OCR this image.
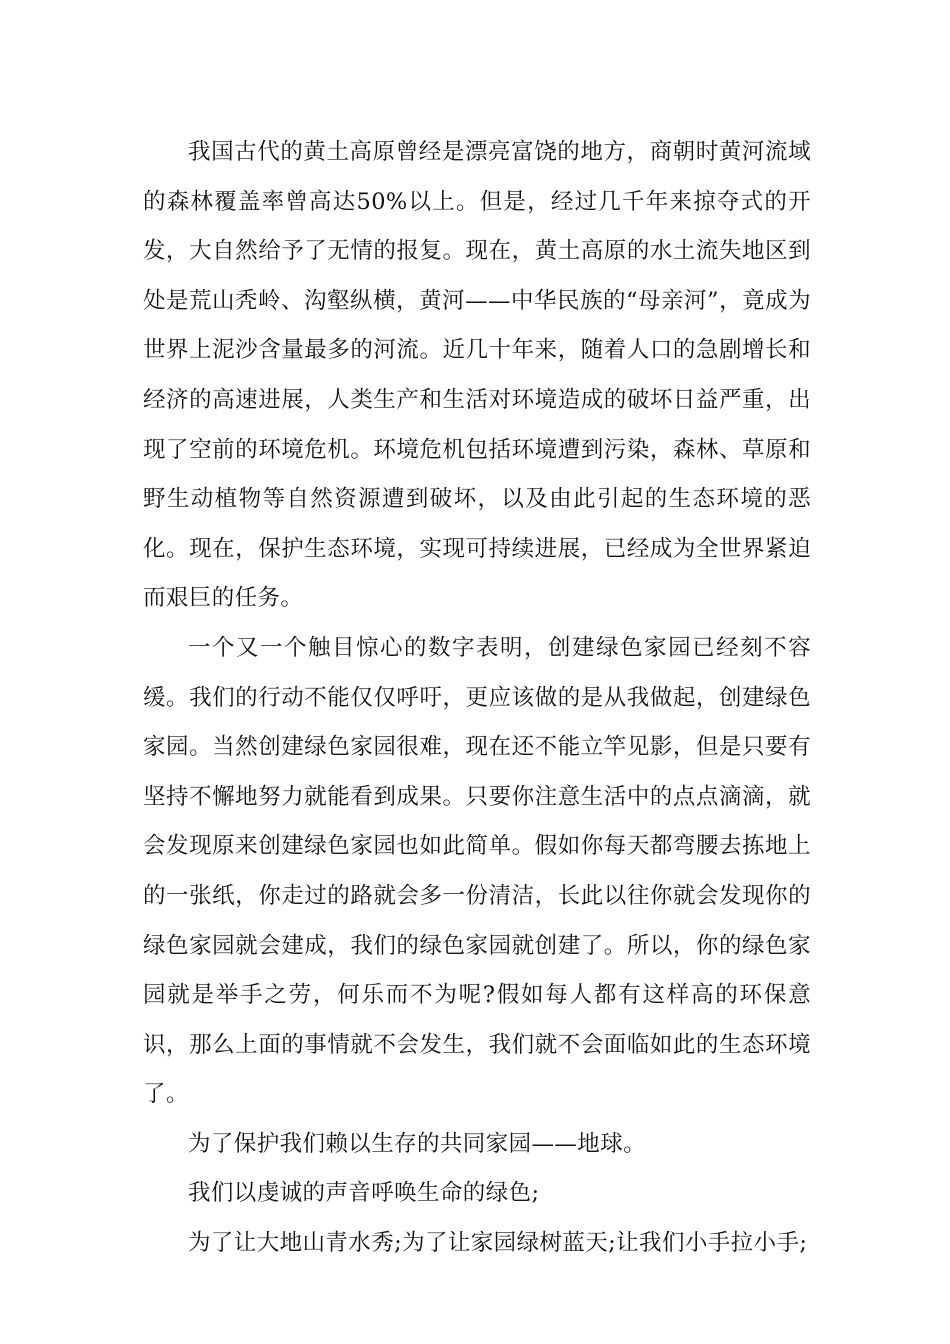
我国古代的黄土高原曾经是漂亮富饶的地方，商朝时黄河流域的森林覆盖率曾高达50%以上。但是，经过几千年来掠夺式的开发，大自然给予了无情的报复。现在，黄土高原的水土流失地区到处是荒山秃岭、沟壑纵横，黄河——中华民族的“母亲河”，竟成为世界上泥沙含量最多的河流。近几十年来，随着人口的急剧增长和经济的高速进展，人类生产和生活对环境造成的破坏日益严重，出现了空前的环境危机。环境危机包括环境遭到污染，森林、草原和野生动植物等自然资源遭到破坏，以及由此引起的生态环境的恶化。现在，保护生态环境，实现可持续进展，已经成为全世界紧迫而艰巨的任务。

一个又一个触目惊心的数字表明，创建绿色家园已经刻不容缓。我们的行动不能仅仅呼吁，更应该做的是从我做起，创建绿色家园。当然创建绿色家园很难，现在还不能立竿见影，但是只要有坚持不懈地努力就能看到成果。只要你注意生活中的点点滴滴，就会发现原来创建绿色家园也如此简单。假如你每天都弯腰去拣地上的一张纸，你走过的路就会多一份清洁，长此以往你就会发现你的绿色家园就会建成，我们的绿色家园就创建了。所以，你的绿色家园就是举手之劳，何乐而不为呢?假如每人都有这样高的环保意识，那么上面的事情就不会发生，我们就不会面临如此的生态环境了。

为了保护我们赖以生存的共同家园——地球。

我们以虔诚的声音呼唤生命的绿色;

为了让大地山青水秀;为了让家园绿树蓝天;让我们小手拉小手;
